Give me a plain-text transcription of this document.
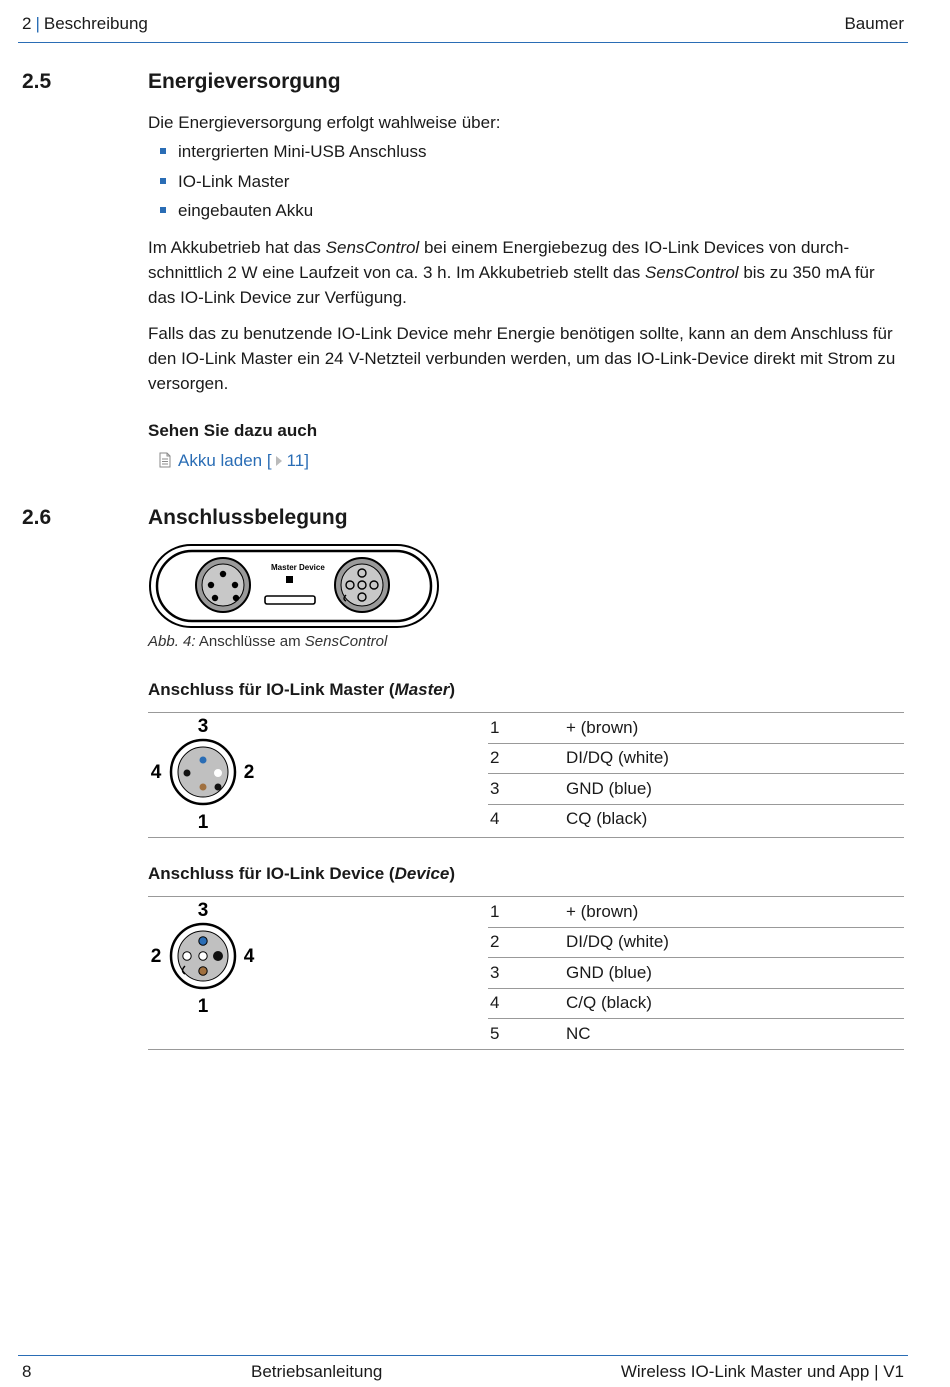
2 | Beschreibung	Baumer
2.5	Energieversorgung

Die Energieversorgung erfolgt wahlweise über:

intergrierten Mini-USB Anschluss
IO-Link Master
eingebauten Akku

Im Akkubetrieb hat das SensControl bei einem Energiebezug des IO-Link Devices von durch-schnittlich 2 W eine Laufzeit von ca. 3 h. Im Akkubetrieb stellt das SensControl bis zu 350 mA für das IO-Link Device zur Verfügung.

Falls das zu benutzende IO-Link Device mehr Energie benötigen sollte, kann an dem Anschluss für den IO-Link Master ein 24 V-Netzteil verbunden werden, um das IO-Link-Device direkt mit Strom zu versorgen.

Sehen Sie dazu auch
Akku laden [ 11]
2.6	Anschlussbelegung
Master Device
Abb. 4: Anschlüsse am SensControl
Anschluss für IO-Link Master (Master)
3
2
1
4
1	+ (brown)
2	DI/DQ (white)
3	GND (blue)
4	CQ (black)
Anschluss für IO-Link Device (Device)
3
4
1
2
1	+ (brown)
2	DI/DQ (white)
3	GND (blue)
4	C/Q (black)
5	NC
8	Betriebsanleitung	Wireless IO-Link Master und App | V1
